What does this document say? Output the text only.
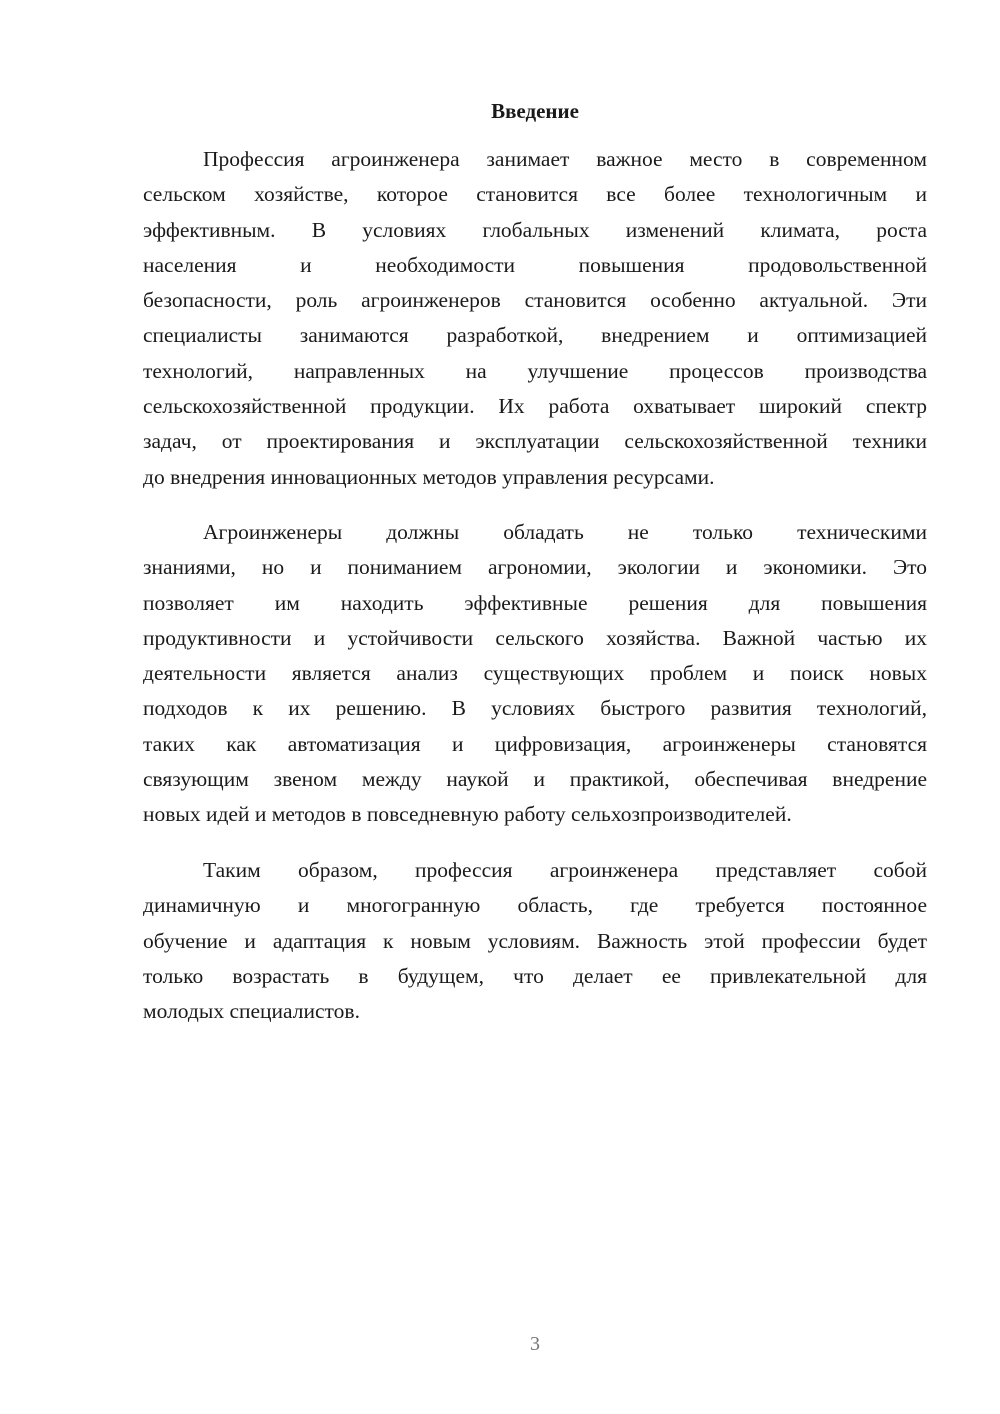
Введение
Профессия агроинженера занимает важное место в современном
сельском хозяйстве, которое становится все более технологичным и
эффективным. В условиях глобальных изменений климата, роста
населения и необходимости повышения продовольственной
безопасности, роль агроинженеров становится особенно актуальной. Эти
специалисты занимаются разработкой, внедрением и оптимизацией
технологий, направленных на улучшение процессов производства
сельскохозяйственной продукции. Их работа охватывает широкий спектр
задач, от проектирования и эксплуатации сельскохозяйственной техники
до внедрения инновационных методов управления ресурсами.
Агроинженеры должны обладать не только техническими
знаниями, но и пониманием агрономии, экологии и экономики. Это
позволяет им находить эффективные решения для повышения
продуктивности и устойчивости сельского хозяйства. Важной частью их
деятельности является анализ существующих проблем и поиск новых
подходов к их решению. В условиях быстрого развития технологий,
таких как автоматизация и цифровизация, агроинженеры становятся
связующим звеном между наукой и практикой, обеспечивая внедрение
новых идей и методов в повседневную работу сельхозпроизводителей.
Таким образом, профессия агроинженера представляет собой
динамичную и многогранную область, где требуется постоянное
обучение и адаптация к новым условиям. Важность этой профессии будет
только возрастать в будущем, что делает ее привлекательной для
молодых специалистов.
3
